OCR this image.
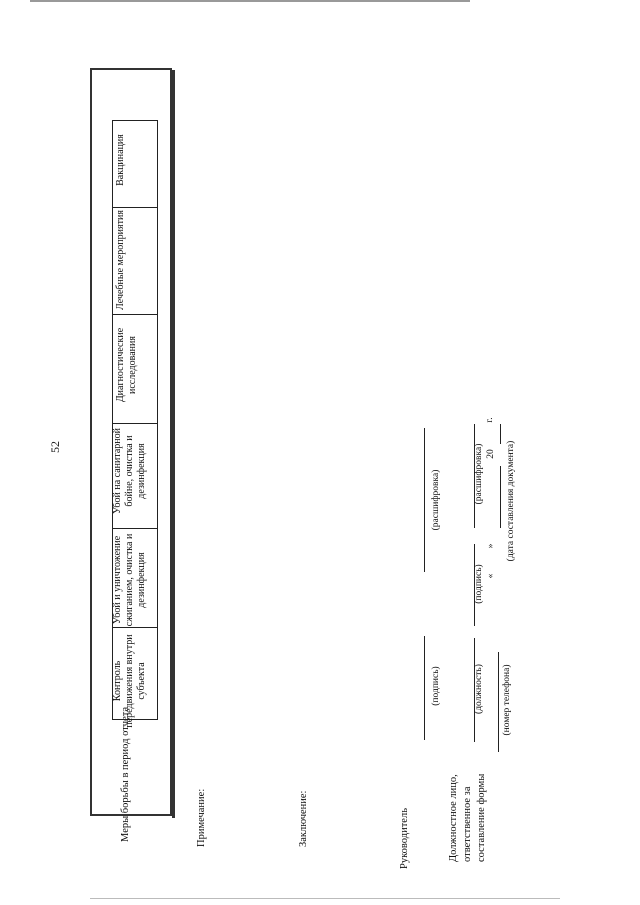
52
Меры борьбы в период отчета
Вакцинация
Лечебные мероприятия
Диагностические исследования
Убой на санитарной бойне, очистка и дезинфекция
Убой и уничтожение сжиганием, очистка и дезинфекция
Контроль передвижения внутри субъекта
Примечание:	Заключение:	Руководитель
(подпись)
(расшифровка)
Должностное лицо, ответственное за составление формы
(должность)
(подпись)
(расшифровка)
(номер телефона)
«
»
20
г.
(дата составления документа)
